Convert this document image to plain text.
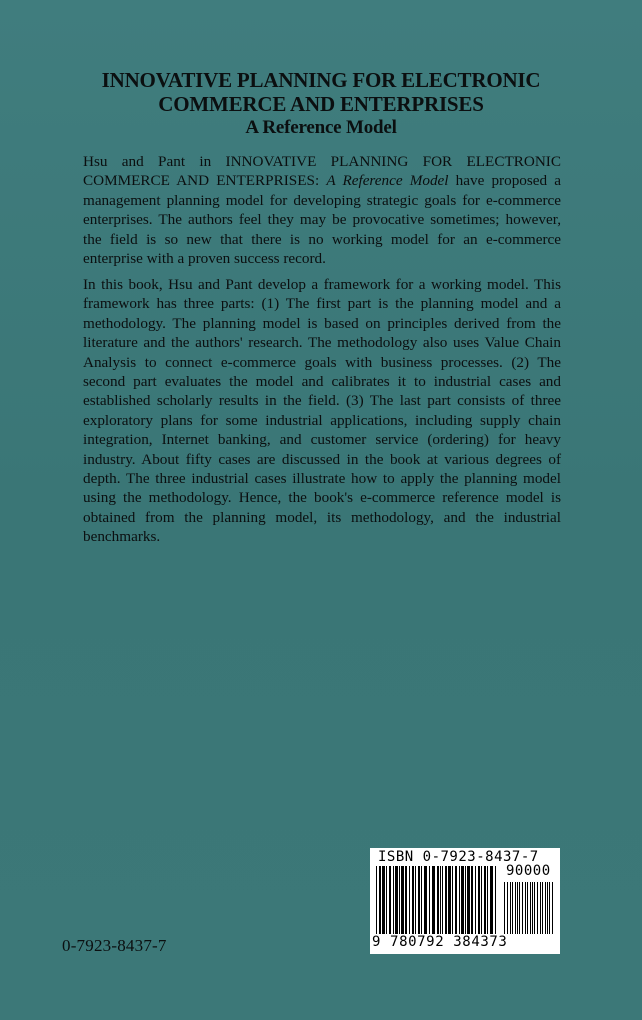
INNOVATIVE PLANNING FOR ELECTRONIC
COMMERCE AND ENTERPRISES
A Reference Model

Hsu and Pant in INNOVATIVE PLANNING FOR ELECTRONIC COMMERCE AND ENTERPRISES: A Reference Model have proposed a management planning model for developing strategic goals for e-commerce enterprises. The authors feel they may be provocative sometimes; however, the field is so new that there is no working model for an e-commerce enterprise with a proven success record.

In this book, Hsu and Pant develop a framework for a working model. This framework has three parts: (1) The first part is the planning model and a methodology. The planning model is based on principles derived from the literature and the authors' research. The methodology also uses Value Chain Analysis to connect e-commerce goals with business processes. (2) The second part evaluates the model and calibrates it to industrial cases and established scholarly results in the field. (3) The last part consists of three exploratory plans for some industrial applications, including supply chain integration, Internet banking, and customer service (ordering) for heavy industry. About fifty cases are discussed in the book at various degrees of depth. The three industrial cases illustrate how to apply the planning model using the methodology. Hence, the book's e-commerce reference model is obtained from the planning model, its methodology, and the industrial benchmarks.

ISBN 0-7923-8437-7
90000
9 780792 384373
0-7923-8437-7
